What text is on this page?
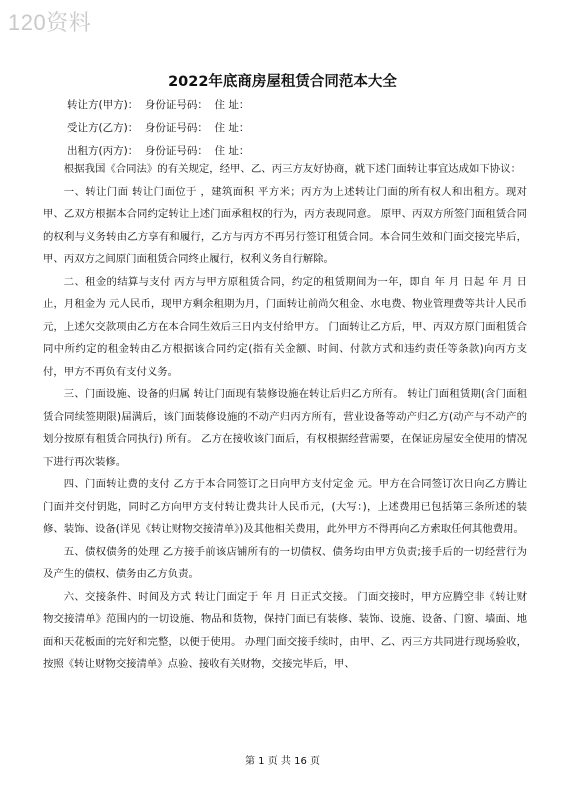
120资料
2022年底商房屋租赁合同范本大全
转让方(甲方)：  身份证号码：  住 址：
受让方(乙方)：  身份证号码：  住 址：
出租方(丙方)：  身份证号码：  住 址：

根据我国《合同法》的有关规定，经甲、乙、丙三方友好协商，就下述门面转让事宜达成如下协议：

一、转让门面 转让门面位于 ，建筑面积 平方米；丙方为上述转让门面的所有权人和出租方。现对甲、乙双方根据本合同约定转让上述门面承租权的行为，丙方表现同意。 原甲、丙双方所签门面租赁合同的权利与义务转由乙方享有和履行，乙方与丙方不再另行签订租赁合同。本合同生效和门面交接完毕后，甲、丙双方之间原门面租赁合同终止履行，权利义务自行解除。

二、租金的结算与支付 丙方与甲方原租赁合同，约定的租赁期间为一年，即自 年 月 日起 年 月 日止，月租金为 元人民币，现甲方剩余租期为月，门面转让前尚欠租金、水电费、物业管理费等共计人民币 元，上述欠交款项由乙方在本合同生效后三日内支付给甲方。 门面转让乙方后，甲、丙双方原门面租赁合同中所约定的租金转由乙方根据该合同约定(指有关金额、时间、付款方式和违约责任等条款)向丙方支付，甲方不再负有支付义务。

三、门面设施、设备的归属 转让门面现有装修设施在转让后归乙方所有。 转让门面租赁期(含门面租赁合同续签期限)届满后，该门面装修设施的不动产归丙方所有，营业设备等动产归乙方(动产与不动产的划分按原有租赁合同执行) 所有。 乙方在接收该门面后，有权根据经营需要，在保证房屋安全使用的情况下进行再次装修。

四、门面转让费的支付 乙方于本合同签订之日向甲方支付定金 元。甲方在合同签订次日向乙方腾让门面并交付钥匙，同时乙方向甲方支付转让费共计人民币元，(大写：)，上述费用已包括第三条所述的装修、装饰、设备(详见《转让财物交接清单》)及其他相关费用，此外甲方不得再向乙方索取任何其他费用。

五、债权债务的处理 乙方接手前该店铺所有的一切债权、债务均由甲方负责;接手后的一切经营行为及产生的债权、债务由乙方负责。

六、交接条件、时间及方式 转让门面定于 年 月 日正式交接。 门面交接时，甲方应腾空非《转让财物交接清单》范围内的一切设施、物品和货物，保持门面已有装修、装饰、设施、设备、门窗、墙面、地面和天花板面的完好和完整，以便于使用。 办理门面交接手续时，由甲、乙、丙三方共同进行现场验收，按照《转让财物交接清单》点验、接收有关财物，交接完毕后，甲、

第 1 页 共 16 页
